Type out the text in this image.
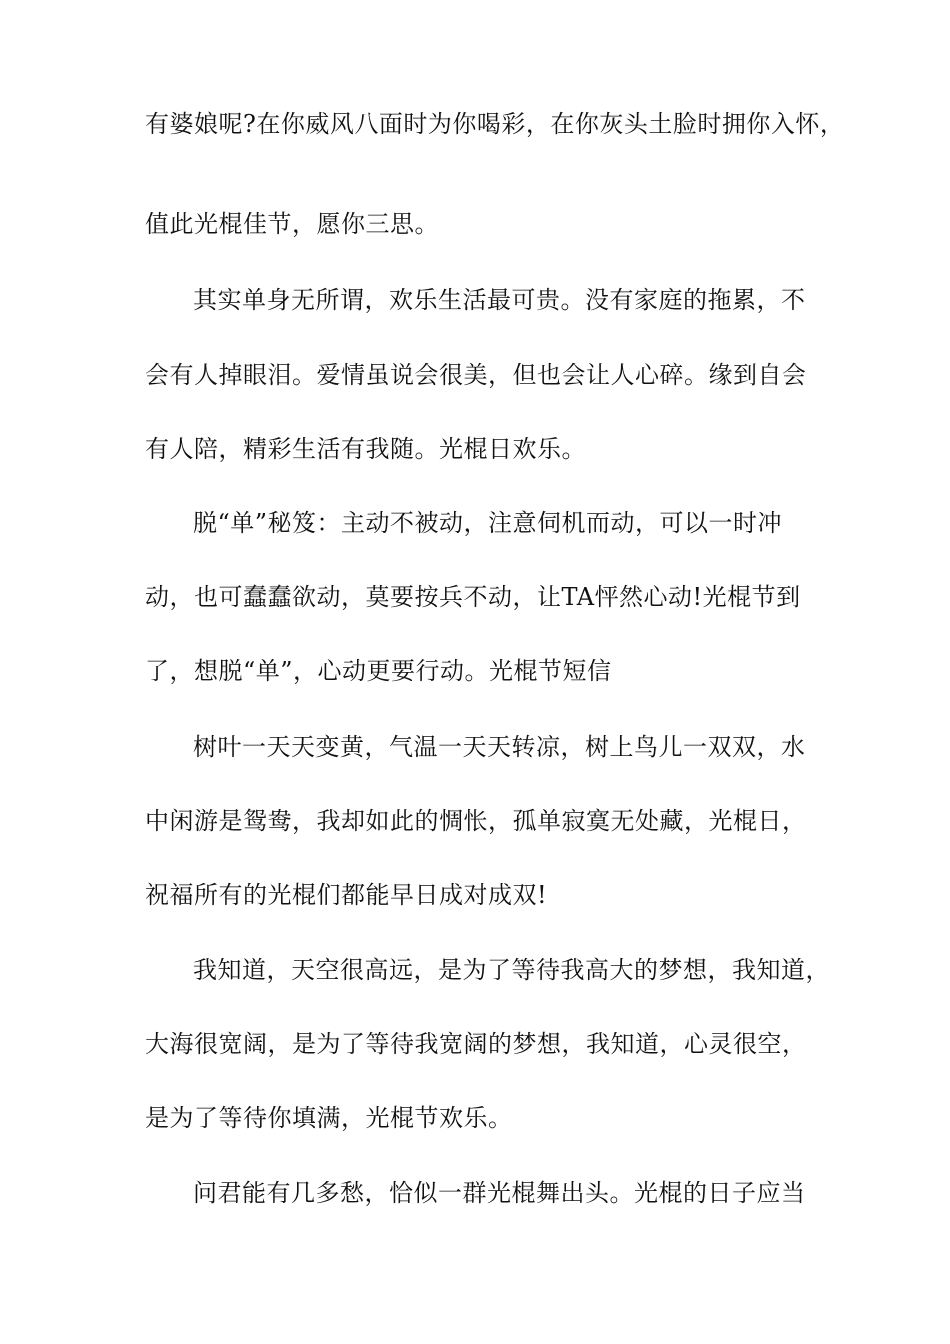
有婆娘呢?在你威风八面时为你喝彩，在你灰头土脸时拥你入怀，
值此光棍佳节，愿你三思。
其实单身无所谓，欢乐生活最可贵。没有家庭的拖累，不
会有人掉眼泪。爱情虽说会很美，但也会让人心碎。缘到自会
有人陪，精彩生活有我随。光棍日欢乐。
脱“单”秘笈：主动不被动，注意伺机而动，可以一时冲
动，也可蠢蠢欲动，莫要按兵不动，让TA怦然心动!光棍节到
了，想脱“单”，心动更要行动。光棍节短信
树叶一天天变黄，气温一天天转凉，树上鸟儿一双双，水
中闲游是鸳鸯，我却如此的惆怅，孤单寂寞无处藏，光棍日，
祝福所有的光棍们都能早日成对成双!
我知道，天空很高远，是为了等待我高大的梦想，我知道，
大海很宽阔，是为了等待我宽阔的梦想，我知道，心灵很空，
是为了等待你填满，光棍节欢乐。
问君能有几多愁，恰似一群光棍舞出头。光棍的日子应当
